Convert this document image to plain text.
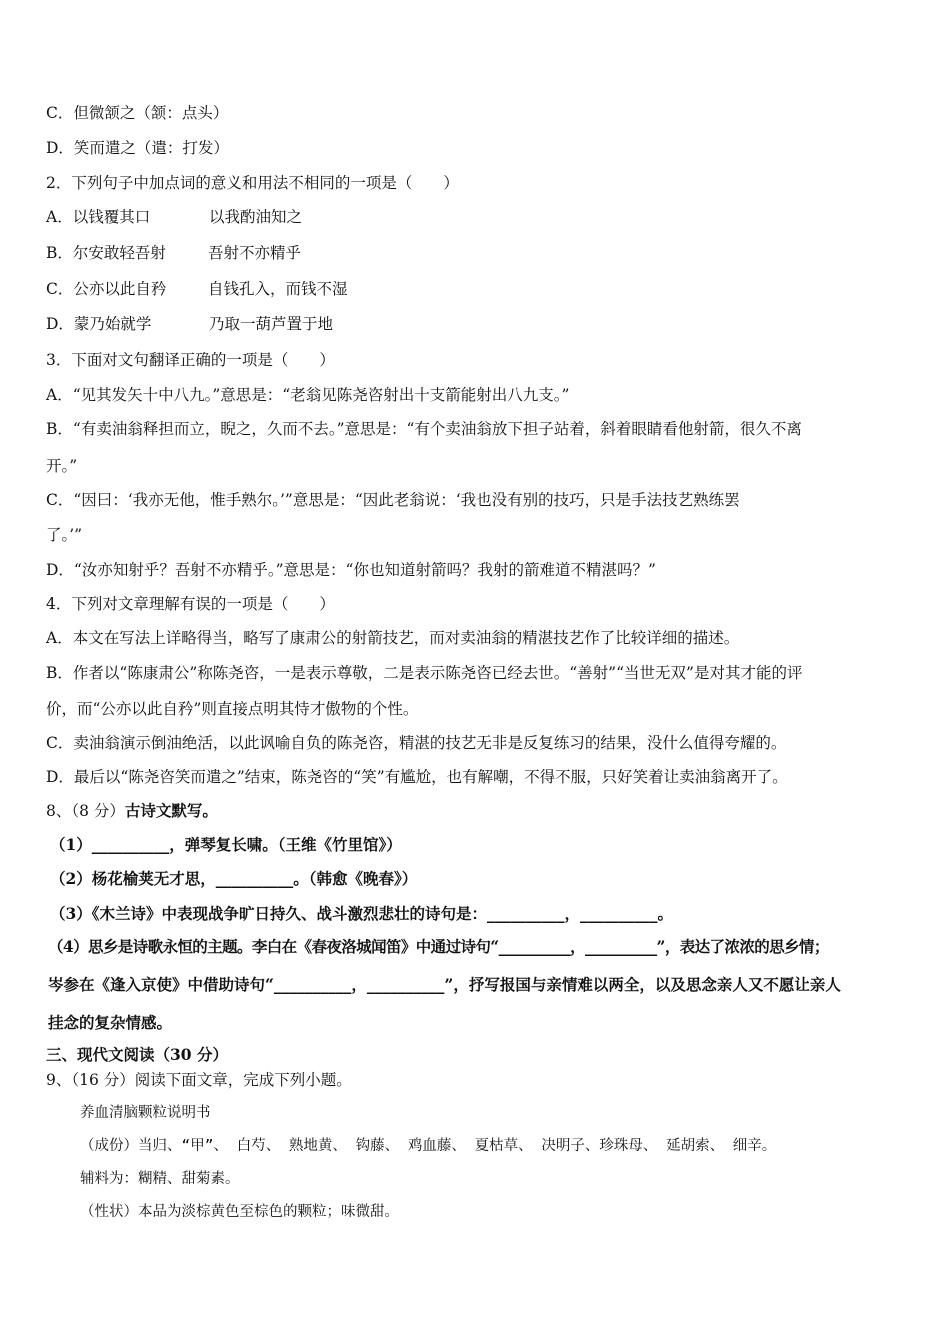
C．但微颔之（颔：点头）
D．笑而遣之（遣：打发）
2．下列句子中加点词的意义和用法不相同的一项是（　　）
A．以钱覆其口	以我酌油知之
B．尔安敢轻吾射	吾射不亦精乎
C．公亦以此自矜	自钱孔入，而钱不湿
D．蒙乃始就学	乃取一葫芦置于地
3．下面对文句翻译正确的一项是（　　）
A．“见其发矢十中八九。”意思是：“老翁见陈尧咨射出十支箭能射出八九支。”
B．“有卖油翁释担而立，睨之，久而不去。”意思是：“有个卖油翁放下担子站着，斜着眼睛看他射箭，很久不离
开。”
C．“因曰：‘我亦无他，惟手熟尔。’”意思是：“因此老翁说：‘我也没有别的技巧，只是手法技艺熟练罢
了。’”
D．“汝亦知射乎？吾射不亦精乎。”意思是：“你也知道射箭吗？我射的箭难道不精湛吗？”
4．下列对文章理解有误的一项是（　　）
A．本文在写法上详略得当，略写了康肃公的射箭技艺，而对卖油翁的精湛技艺作了比较详细的描述。
B．作者以“陈康肃公”称陈尧咨，一是表示尊敬，二是表示陈尧咨已经去世。“善射”“当世无双”是对其才能的评
价，而“公亦以此自矜”则直接点明其恃才傲物的个性。
C．卖油翁演示倒油绝活，以此讽喻自负的陈尧咨，精湛的技艺无非是反复练习的结果，没什么值得夸耀的。
D．最后以“陈尧咨笑而遣之”结束，陈尧咨的“笑”有尴尬，也有解嘲，不得不服，只好笑着让卖油翁离开了。
8、（8 分）古诗文默写。
（1）__________，弹琴复长啸。（王维《竹里馆》）
（2）杨花榆荚无才思，__________。（韩愈《晚春》）
（3）《木兰诗》中表现战争旷日持久、战斗激烈悲壮的诗句是：__________，__________。
（4）思乡是诗歌永恒的主题。李白在《春夜洛城闻笛》中通过诗句“__________，__________”，表达了浓浓的思乡情；
岑参在《逢入京使》中借助诗句“__________，__________”，抒写报国与亲情难以两全，以及思念亲人又不愿让亲人
挂念的复杂情感。
三、现代文阅读（30 分）
9、（16 分）阅读下面文章，完成下列小题。
养血清脑颗粒说明书
（成份）当归、“甲”、 白芍、 熟地黄、 钩藤、 鸡血藤、 夏枯草、 决明子、珍珠母、 延胡索、 细辛。
辅料为：糊精、甜菊素。
（性状）本品为淡棕黄色至棕色的颗粒；味微甜。
